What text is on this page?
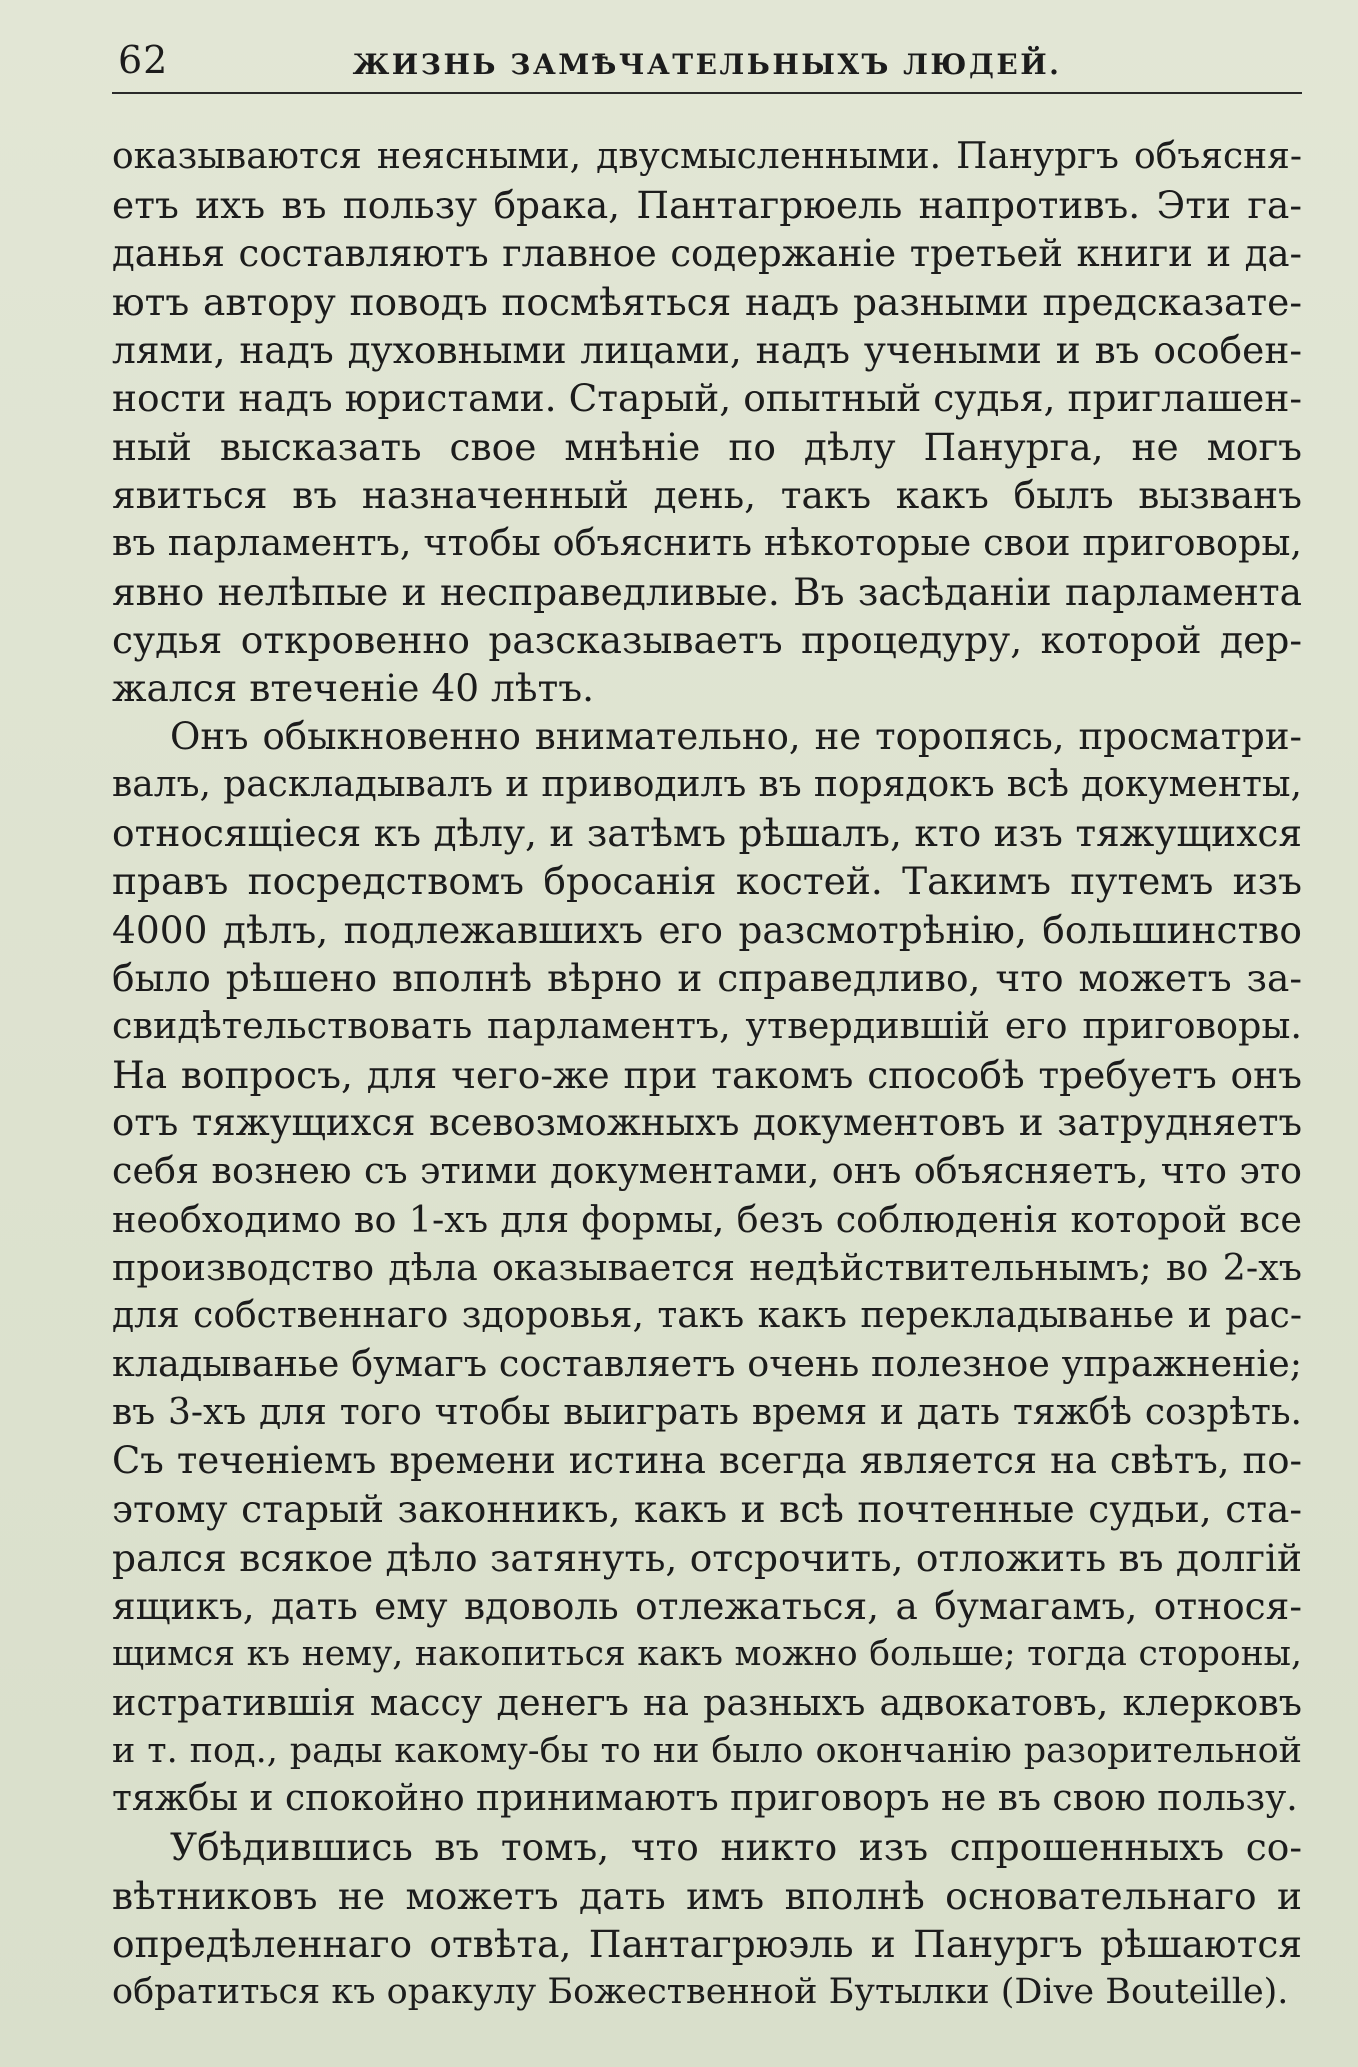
62	ЖИЗНЬ ЗАМѢЧАТЕЛЬНЫХЪ ЛЮДЕЙ.
оказываются неясными, двусмысленными. Панургъ объясня-
етъ ихъ въ пользу брака, Пантагрюель напротивъ. Эти га-
данья составляютъ главное содержаніе третьей книги и да-
ютъ автору поводъ посмѣяться надъ разными предсказате-
лями, надъ духовными лицами, надъ учеными и въ особен-
ности надъ юристами. Старый, опытный судья, приглашен-
ный высказать свое мнѣніе по дѣлу Панурга, не могъ
явиться въ назначенный день, такъ какъ былъ вызванъ
въ парламентъ, чтобы объяснить нѣкоторые свои приговоры,
явно нелѣпые и несправедливые. Въ засѣданіи парламента
судья откровенно разсказываетъ процедуру, которой дер-
жался втеченіе 40 лѣтъ.
Онъ обыкновенно внимательно, не торопясь, просматри-
валъ, раскладывалъ и приводилъ въ порядокъ всѣ документы,
относящіеся къ дѣлу, и затѣмъ рѣшалъ, кто изъ тяжущихся
правъ посредствомъ бросанія костей. Такимъ путемъ изъ
4000 дѣлъ, подлежавшихъ его разсмотрѣнію, большинство
было рѣшено вполнѣ вѣрно и справедливо, что можетъ за-
свидѣтельствовать парламентъ, утвердившій его приговоры.
На вопросъ, для чего-же при такомъ способѣ требуетъ онъ
отъ тяжущихся всевозможныхъ документовъ и затрудняетъ
себя вознею съ этими документами, онъ объясняетъ, что это
необходимо во 1-хъ для формы, безъ соблюденія которой все
производство дѣла оказывается недѣйствительнымъ; во 2-хъ
для собственнаго здоровья, такъ какъ перекладыванье и рас-
кладыванье бумагъ составляетъ очень полезное упражненіе;
въ 3-хъ для того чтобы выиграть время и дать тяжбѣ созрѣть.
Съ теченіемъ времени истина всегда является на свѣтъ, по-
этому старый законникъ, какъ и всѣ почтенные судьи, ста-
рался всякое дѣло затянуть, отсрочить, отложить въ долгій
ящикъ, дать ему вдоволь отлежаться, а бумагамъ, относя-
щимся къ нему, накопиться какъ можно больше; тогда стороны,
истратившія массу денегъ на разныхъ адвокатовъ, клерковъ
и т. под., рады какому-бы то ни было окончанію разорительной
тяжбы и спокойно принимаютъ приговоръ не въ свою пользу.
Убѣдившись въ томъ, что никто изъ спрошенныхъ со-
вѣтниковъ не можетъ дать имъ вполнѣ основательнаго и
опредѣленнаго отвѣта, Пантагрюэль и Панургъ рѣшаются
обратиться къ оракулу Божественной Бутылки (Dive Bouteille).
